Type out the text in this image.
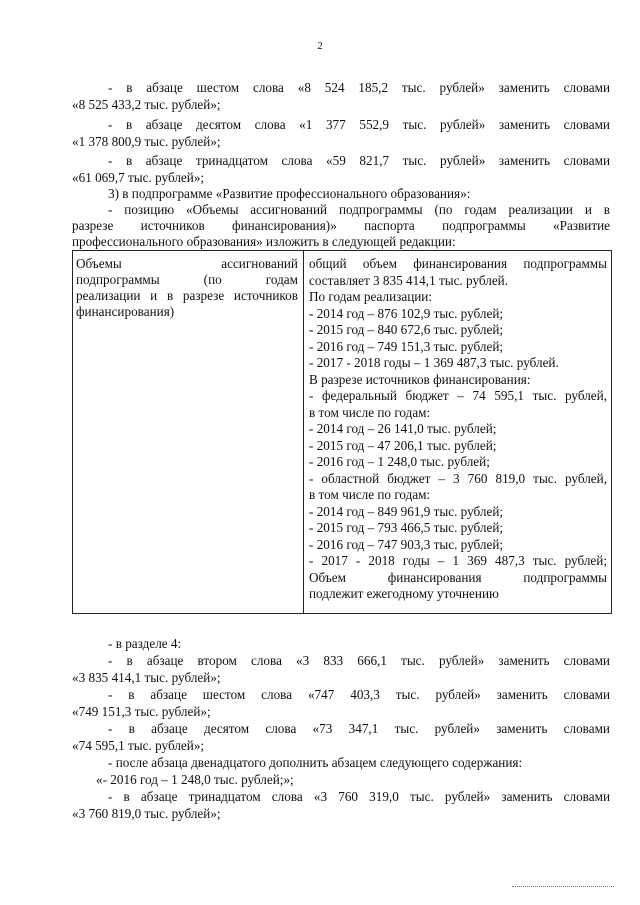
2
- в абзаце шестом слова «8 524 185,2 тыс. рублей» заменить словами
«8 525 433,2 тыс. рублей»;
- в абзаце десятом слова «1 377 552,9 тыс. рублей» заменить словами
«1 378 800,9 тыс. рублей»;
- в абзаце тринадцатом слова «59 821,7 тыс. рублей» заменить словами
«61 069,7 тыс. рублей»;
3) в подпрограмме «Развитие профессионального образования»:
- позицию «Объемы ассигнований подпрограммы (по годам реализации и в
разрезе источников финансирования)» паспорта подпрограммы «Развитие
профессионального образования» изложить в следующей редакции:
Объемы ассигнований
подпрограммы (по годам
реализации и в разрезе источников
финансирования)
общий объем финансирования подпрограммы
составляет 3 835 414,1 тыс. рублей.
По годам реализации:
- 2014 год – 876 102,9 тыс. рублей;
- 2015 год – 840 672,6 тыс. рублей;
- 2016 год – 749 151,3 тыс. рублей;
- 2017 - 2018 годы – 1 369 487,3 тыс. рублей.
В разрезе источников финансирования:
- федеральный бюджет – 74 595,1 тыс. рублей,
в том числе по годам:
- 2014 год – 26 141,0 тыс. рублей;
- 2015 год – 47 206,1 тыс. рублей;
- 2016 год – 1 248,0 тыс. рублей;
- областной бюджет – 3 760 819,0 тыс. рублей,
в том числе по годам:
- 2014 год – 849 961,9 тыс. рублей;
- 2015 год – 793 466,5 тыс. рублей;
- 2016 год – 747 903,3 тыс. рублей;
- 2017 - 2018 годы – 1 369 487,3 тыс. рублей;
Объем финансирования подпрограммы
подлежит ежегодному уточнению
- в разделе 4:
- в абзаце втором слова «3 833 666,1 тыс. рублей» заменить словами
«3 835 414,1 тыс. рублей»;
- в абзаце шестом слова «747 403,3 тыс. рублей» заменить словами
«749 151,3 тыс. рублей»;
- в абзаце десятом слова «73 347,1 тыс. рублей» заменить словами
«74 595,1 тыс. рублей»;
- после абзаца двенадцатого дополнить абзацем следующего содержания:
«- 2016 год – 1 248,0 тыс. рублей;»;
- в абзаце тринадцатом слова «3 760 319,0 тыс. рублей» заменить словами
«3 760 819,0 тыс. рублей»;
